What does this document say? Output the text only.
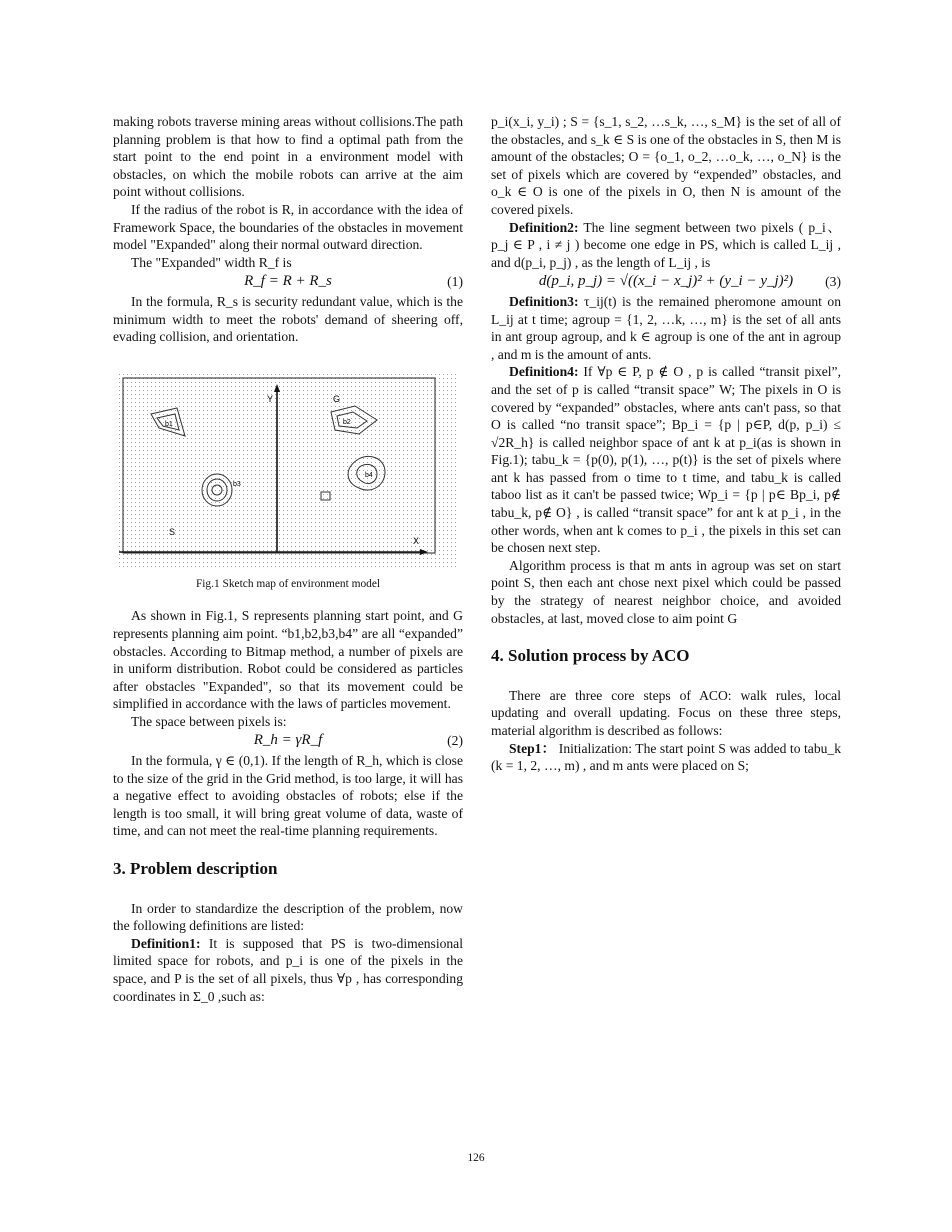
making robots traverse mining areas without collisions.The path planning problem is that how to find a optimal path from the start point to the end point in a environment model with obstacles, on which the mobile robots can arrive at the aim point without collisions.

If the radius of the robot is R, in accordance with the idea of Framework Space, the boundaries of the obstacles in movement model "Expanded" along their normal outward direction.

The "Expanded" width R_f is

R_f = R + R_s	(1)

In the formula, R_s is security redundant value, which is the minimum width to meet the robots' demand of sheering off, evading collision, and orientation.

Y
X
G
S
b1	b2
b3
b4
Fig.1 Sketch map of environment model

As shown in Fig.1, S represents planning start point, and G represents planning aim point. “b1,b2,b3,b4” are all “expanded” obstacles. According to Bitmap method, a number of pixels are in uniform distribution. Robot could be considered as particles after obstacles "Expanded", so that its movement could be simplified in accordance with the laws of particles movement.

The space between pixels is:

R_h = γR_f	(2)

In the formula, γ ∈ (0,1). If the length of R_h, which is close to the size of the grid in the Grid method, is too large, it will has a negative effect to avoiding obstacles of robots; else if the length is too small, it will bring great volume of data, waste of time, and can not meet the real-time planning requirements.

3. Problem description

In order to standardize the description of the problem, now the following definitions are listed:

Definition1: It is supposed that PS is two-dimensional limited space for robots, and p_i is one of the pixels in the space, and P is the set of all pixels, thus ∀p , has corresponding coordinates in Σ_0 ,such as:

p_i(x_i, y_i) ; S = {s_1, s_2, …s_k, …, s_M} is the set of all of the obstacles, and s_k ∈ S is one of the obstacles in S, then M is amount of the obstacles; O = {o_1, o_2, …o_k, …, o_N} is the set of pixels which are covered by “expended” obstacles, and o_k ∈ O is one of the pixels in O, then N is amount of the covered pixels.

Definition2: The line segment between two pixels ( p_i、 p_j ∈ P , i ≠ j ) become one edge in PS, which is called L_ij , and d(p_i, p_j) , as the length of L_ij , is

d(p_i, p_j) = √((x_i − x_j)² + (y_i − y_j)²) (3)

Definition3: τ_ij(t) is the remained pheromone amount on L_ij at t time; agroup = {1, 2, …k, …, m} is the set of all ants in ant group agroup, and k ∈ agroup is one of the ant in agroup , and m is the amount of ants.

Definition4: If ∀p ∈ P, p ∉ O , p is called “transit pixel”, and the set of p is called “transit space” W; The pixels in O is covered by “expanded” obstacles, where ants can't pass, so that O is called “no transit space”; Bp_i = {p | p∈P, d(p, p_i) ≤ √2R_h} is called neighbor space of ant k at p_i(as is shown in Fig.1); tabu_k = {p(0), p(1), …, p(t)} is the set of pixels where ant k has passed from o time to t time, and tabu_k is called taboo list as it can't be passed twice; Wp_i = {p | p∈ Bp_i, p∉ tabu_k, p∉ O} , is called “transit space” for ant k at p_i , in the other words, when ant k comes to p_i , the pixels in this set can be chosen next step.

Algorithm process is that m ants in agroup was set on start point S, then each ant chose next pixel which could be passed by the strategy of nearest neighbor choice, and avoided obstacles, at last, moved close to aim point G

4. Solution process by ACO

There are three core steps of ACO: walk rules, local updating and overall updating. Focus on these three steps, material algorithm is described as follows:

Step1： Initialization: The start point S was added to tabu_k (k = 1, 2, …, m) , and m ants were placed on S;

126
